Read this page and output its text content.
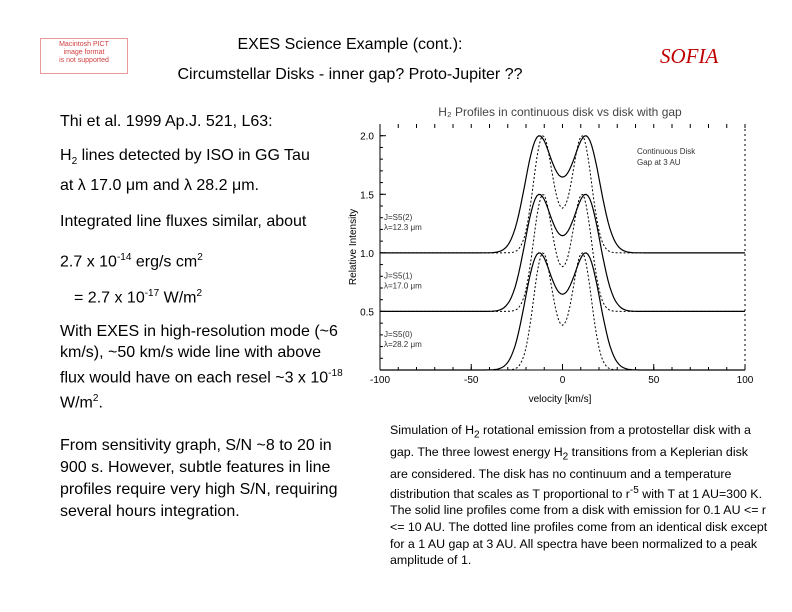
Macintosh PICT
image format
is not supported
EXES Science Example (cont.):
Circumstellar Disks - inner gap? Proto-Jupiter ??
SOFIA
Thi et al. 1999 Ap.J. 521, L63:
$H_2$ lines detected by ISO in GG Tau
at λ 17.0 μm and λ 28.2 μm.
Integrated line fluxes similar, about
2.7 x $10^{-14}$ erg/s $cm^2$
= 2.7 x $10^{-17}$ $W/m^2$
With EXES in high-resolution mode (~6 km/s), ~50 km/s wide line with above flux would have on each resel ~3 x $10^{-18}$ $W/m^2$.
From sensitivity graph, S/N ~8 to 20 in 900 s. However, subtle features in line profiles require very high S/N, requiring several hours integration.
H₂ Profiles in continuous disk vs disk with gap
-100	-50	0	50	100
0.5
1.0
1.5
2.0
Relative Intensity
velocity [km/s]
J=S5(2)
λ=12.3 μm
J=S5(1)
λ=17.0 μm
J=S5(0)
λ=28.2 μm
Continuous Disk
Gap at 3 AU
Simulation of $H_2$ rotational emission from a protostellar disk with a gap. The three lowest energy $H_2$ transitions from a Keplerian disk are considered. The disk has no continuum and a temperature distribution that scales as T proportional to $r^{-5}$ with T at 1 AU=300 K. The solid line profiles come from a disk with emission for 0.1 AU <= r <= 10 AU. The dotted line profiles come from an identical disk except for a 1 AU gap at 3 AU. All spectra have been normalized to a peak amplitude of 1.
